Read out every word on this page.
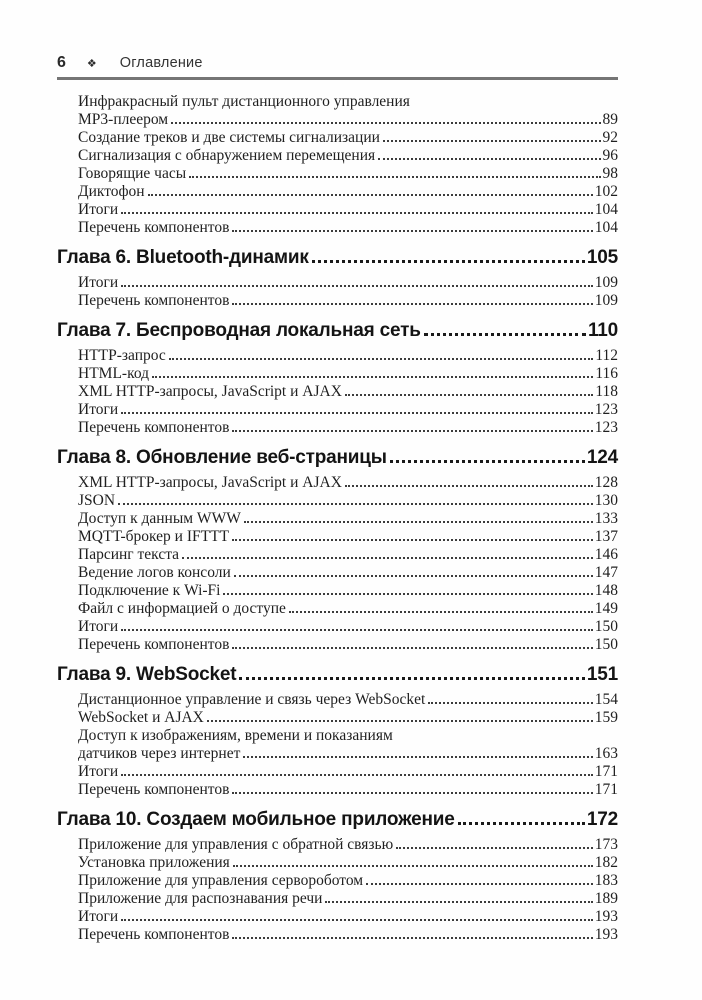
6 ❖ Оглавление
Инфракрасный пульт дистанционного управления
МР3-плеером	89
Создание треков и две системы сигнализации	92
Сигнализация с обнаружением перемещения	96
Говорящие часы	98
Диктофон	102
Итоги	104
Перечень компонентов	104
Глава 6. Bluetooth-динамик	105
Итоги	109
Перечень компонентов	109
Глава 7. Беспроводная локальная сеть	110
HTTP-запрос	112
HTML-код	116
XML HTTP-запросы, JavaScript и AJAX	118
Итоги	123
Перечень компонентов	123
Глава 8. Обновление веб-страницы	124
XML HTTP-запросы, JavaScript и AJAX	128
JSON	130
Доступ к данным WWW	133
MQTT-брокер и IFTTT	137
Парсинг текста	146
Ведение логов консоли	147
Подключение к Wi-Fi	148
Файл с информацией о доступе	149
Итоги	150
Перечень компонентов	150
Глава 9. WebSocket	151
Дистанционное управление и связь через WebSocket	154
WebSocket и AJAX	159
Доступ к изображениям, времени и показаниям
датчиков через интернет	163
Итоги	171
Перечень компонентов	171
Глава 10. Создаем мобильное приложение	172
Приложение для управления с обратной связью	173
Установка приложения	182
Приложение для управления сервороботом	183
Приложение для распознавания речи	189
Итоги	193
Перечень компонентов	193
